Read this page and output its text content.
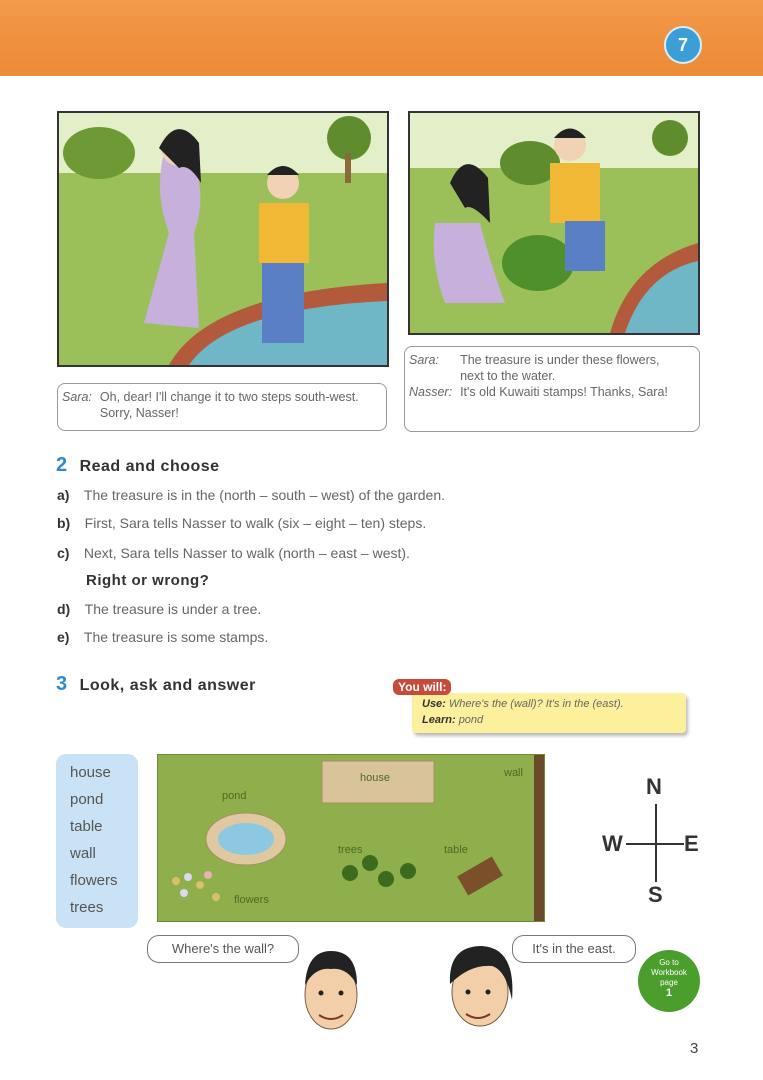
7
Sara:	Oh, dear! I'll change it to two steps south-west. Sorry, Nasser!
Sara:	The treasure is under these flowers, next to the water.
Nasser:	It's old Kuwaiti stamps! Thanks, Sara!
2 Read and choose
a) The treasure is in the (north – south – west) of the garden.
b) First, Sara tells Nasser to walk (six – eight – ten) steps.
c) Next, Sara tells Nasser to walk (north – east – west).
Right or wrong?
d) The treasure is under a tree.
e) The treasure is some stamps.
3 Look, ask and answer
Use: Where's the (wall)? It's in the (east).
Learn: pond
You will:
house
pond
table
wall
flowers
trees
house
pond
wall
trees	table
flowers
N
S
E
W
Where's the wall?	It's in the east.
Go to
Workbook
page
1
3
